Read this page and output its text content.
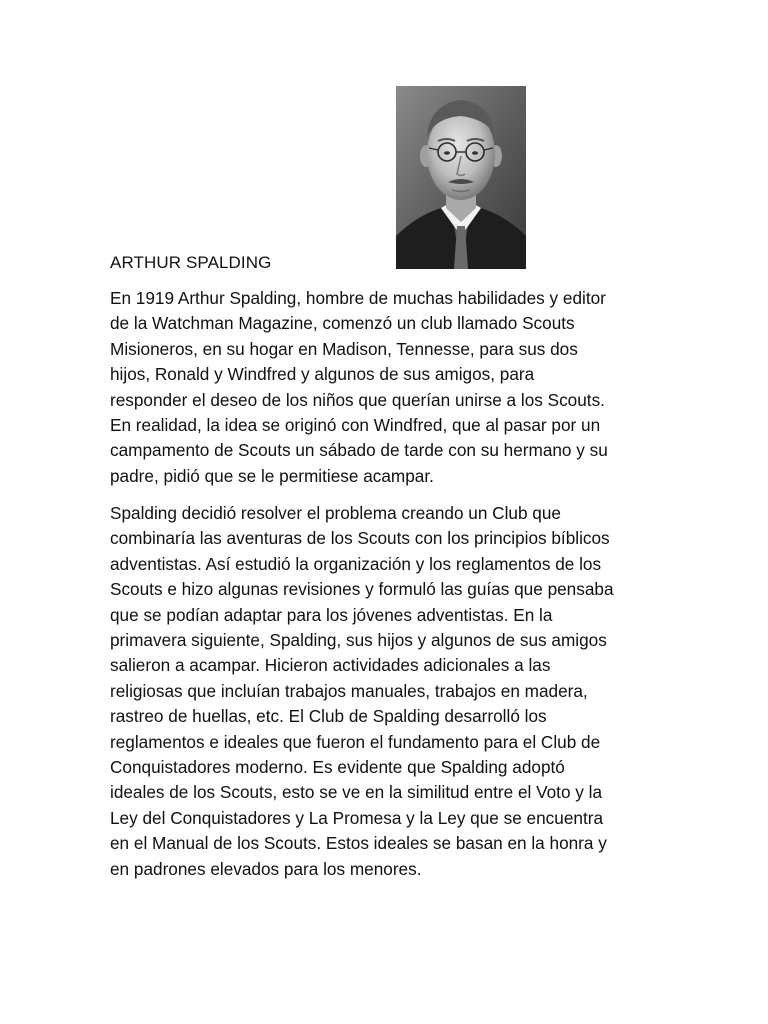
ARTHUR SPALDING
En 1919 Arthur Spalding, hombre de muchas habilidades y editor
de la Watchman Magazine, comenzó un club llamado Scouts
Misioneros, en su hogar en Madison, Tennesse, para sus dos
hijos, Ronald y Windfred y algunos de sus amigos, para
responder el deseo de los niños que querían unirse a los Scouts.
En realidad, la idea se originó con Windfred, que al pasar por un
campamento de Scouts un sábado de tarde con su hermano y su
padre, pidió que se le permitiese acampar.
Spalding decidió resolver el problema creando un Club que
combinaría las aventuras de los Scouts con los principios bíblicos
adventistas. Así estudió la organización y los reglamentos de los
Scouts e hizo algunas revisiones y formuló las guías que pensaba
que se podían adaptar para los jóvenes adventistas. En la
primavera siguiente, Spalding, sus hijos y algunos de sus amigos
salieron a acampar. Hicieron actividades adicionales a las
religiosas que incluían trabajos manuales, trabajos en madera,
rastreo de huellas, etc. El Club de Spalding desarrolló los
reglamentos e ideales que fueron el fundamento para el Club de
Conquistadores moderno. Es evidente que Spalding adoptó
ideales de los Scouts, esto se ve en la similitud entre el Voto y la
Ley del Conquistadores y La Promesa y la Ley que se encuentra
en el Manual de los Scouts. Estos ideales se basan en la honra y
en padrones elevados para los menores.
